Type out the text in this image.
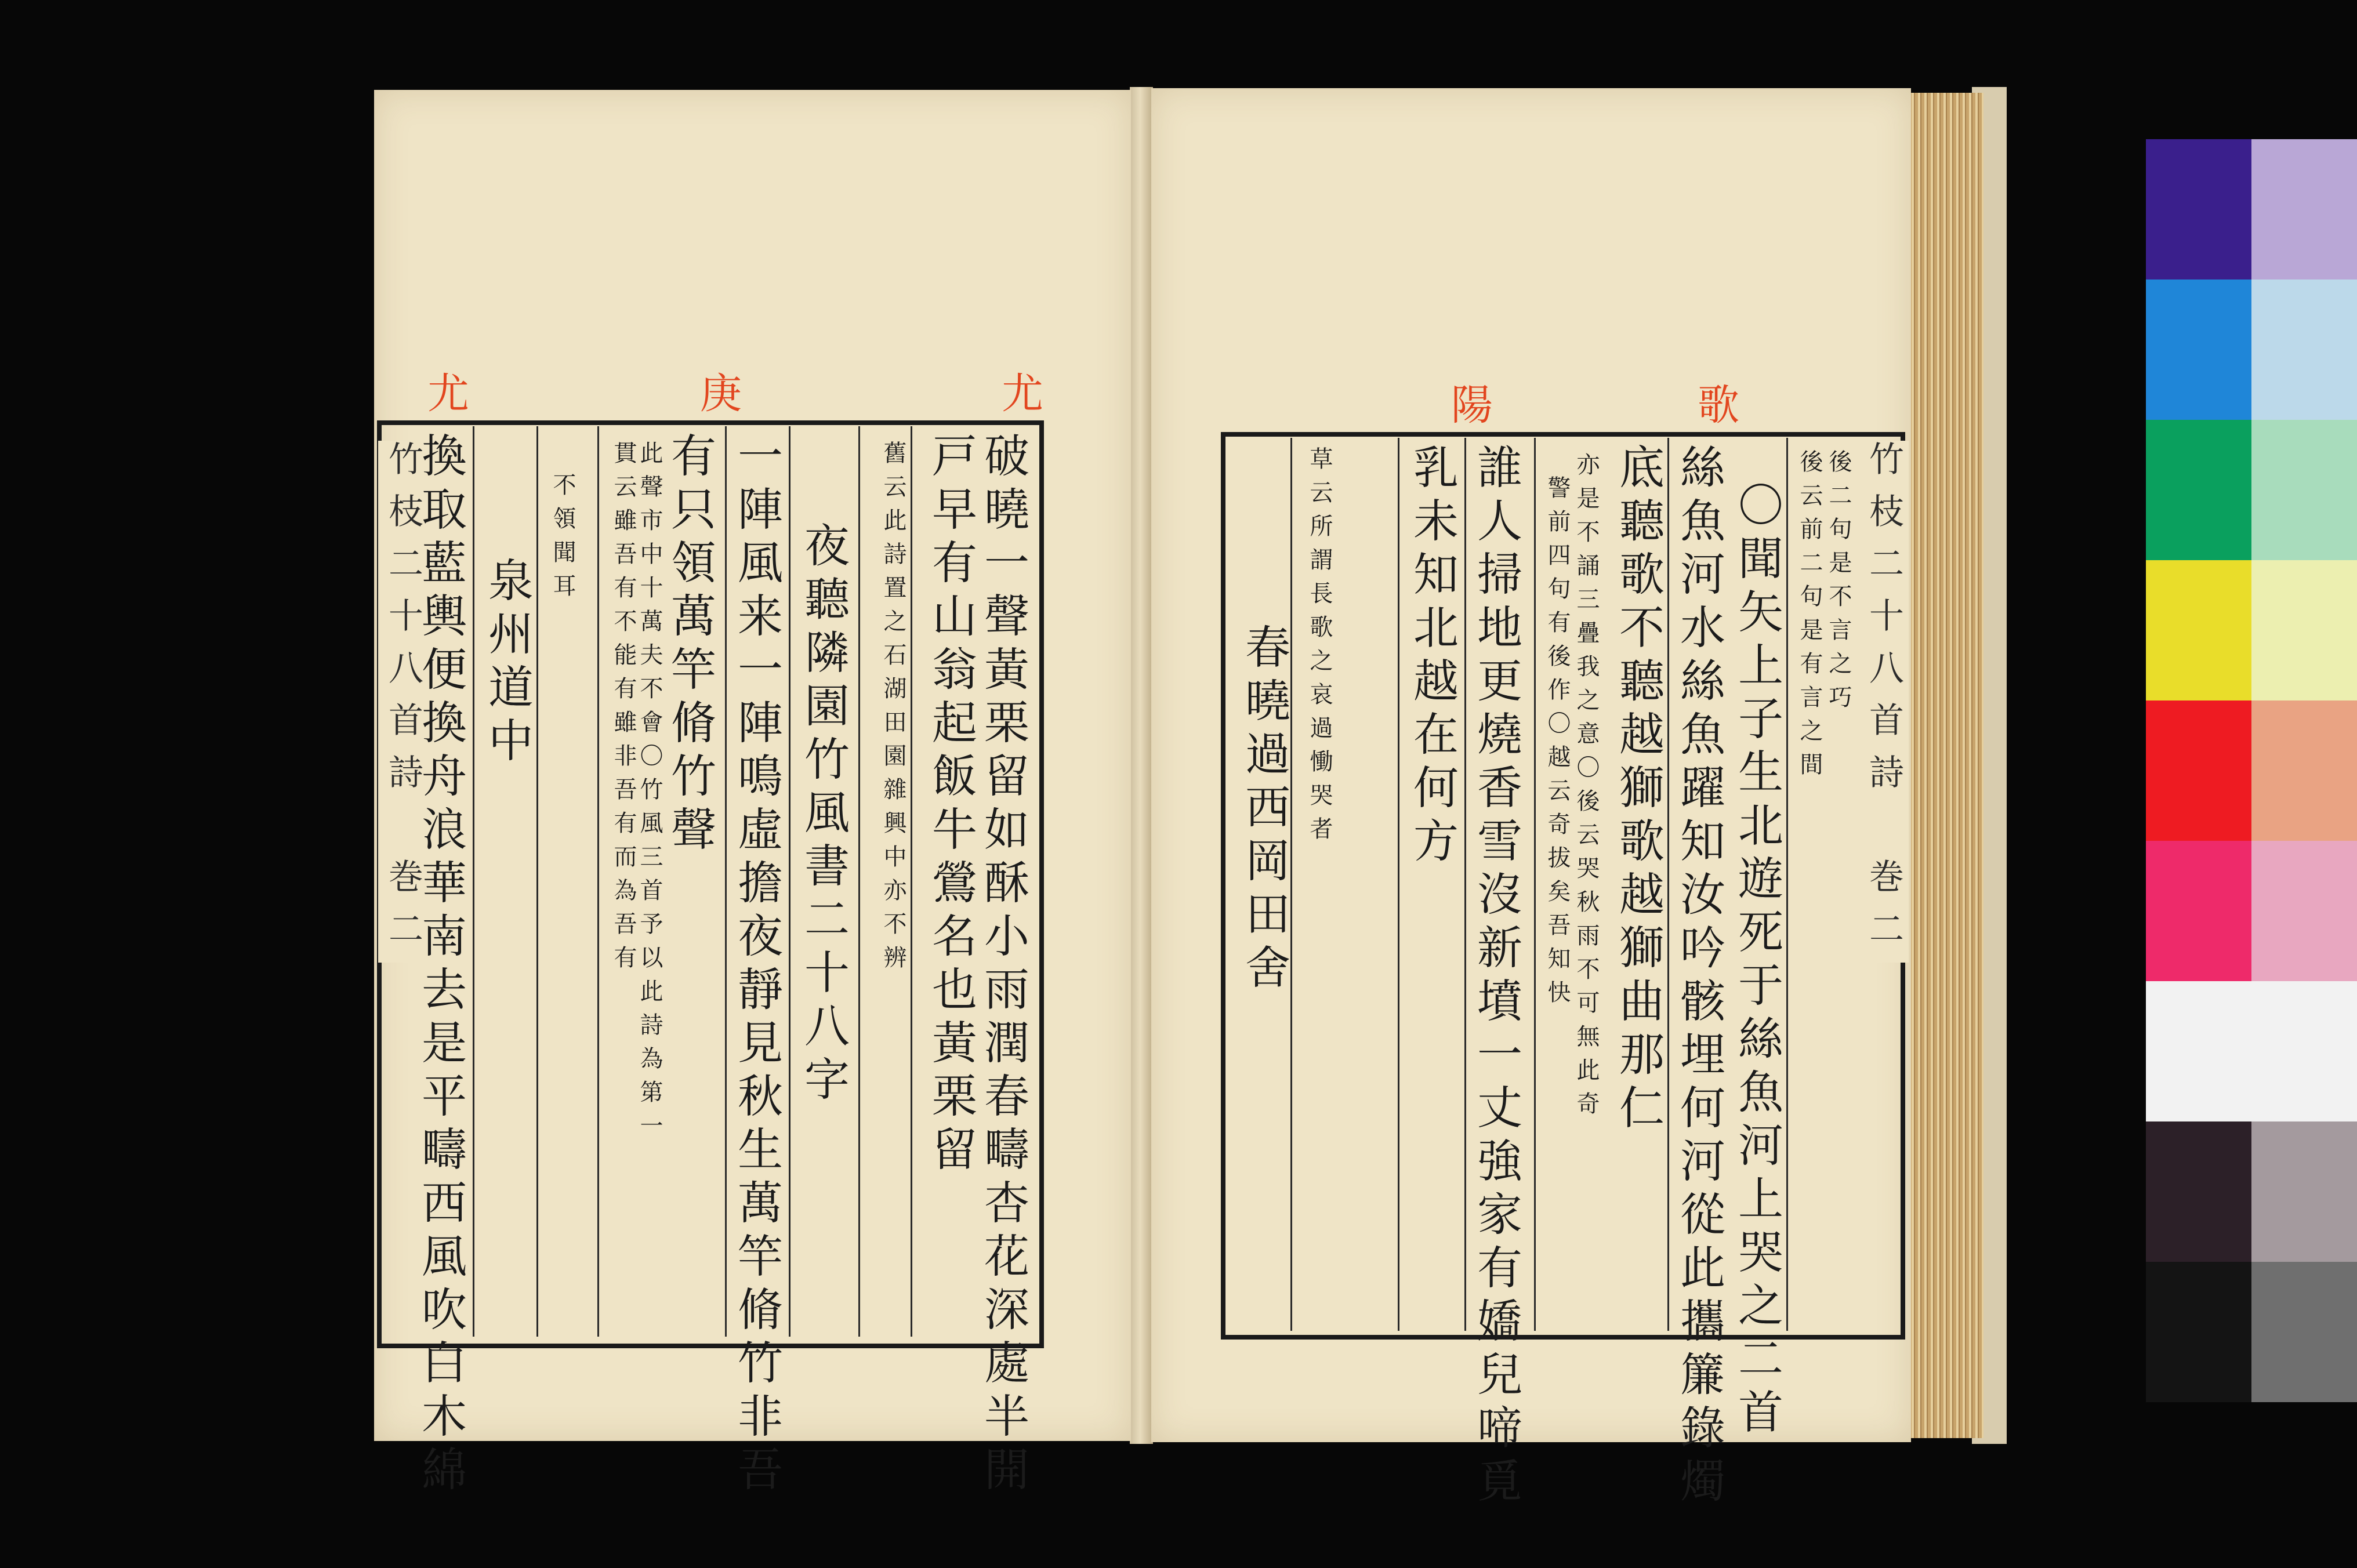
尤	庚	尤
竹枝二十八首詩　巻二	破曉一聲黃栗留如酥小雨潤春疇杏花深處半開
戸早有山翁起飯牛鶯名也黃栗留
舊云此詩置之石湖田園雜興中亦不辨
夜聽隣園竹風書二十八字
一陣風来一陣鳴虛擔夜靜見秋生萬竿脩竹非吾
有只領萬竿脩竹聲
此聲市中十萬夫不會〇竹風三首予以此詩為第一
貫云雖吾有不能有雖非吾有而為吾有
不領聞耳
泉州道中
換取藍輿便換舟浪華南去是平疇西風吹白木綿
陽	歌
竹枝二十八首詩　巻二
後二句是不言之巧
後云前二句是有言之間
〇聞矢上子生北遊死于絲魚河上哭之二首
絲魚河水絲魚躍知汝吟骸埋何河從此攜簾錄燭
底聽歌不聽越獅歌越獅曲那仁
亦是不誦三疊我之意〇後云哭秋雨不可無此奇
警前四句有後作〇越云奇拔矣吾知快
誰人掃地更燒香雪沒新墳一丈強家有嬌兒啼覓
乳未知北越在何方
草云所謂長歌之哀過慟哭者
春曉過西岡田舍
